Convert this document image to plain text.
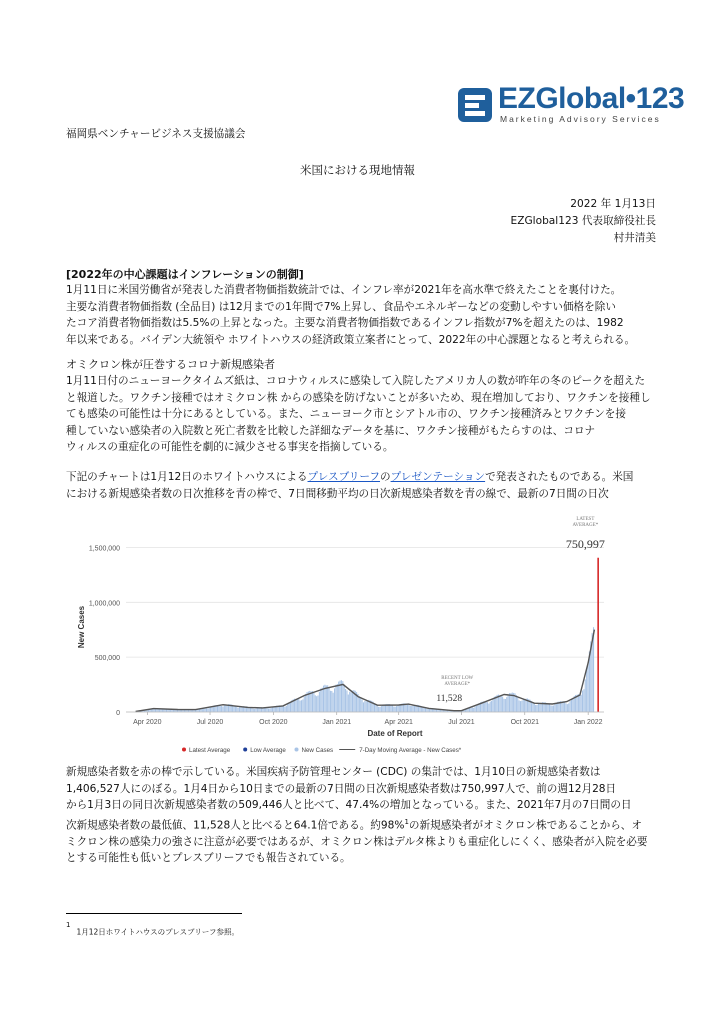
EZGlobal•123
Marketing Advisory Services
福岡県ベンチャービジネス支援協議会
米国における現地情報
2022 年 1月13日
EZGlobal123 代表取締役社長
村井清美
[2022年の中心課題はインフレーションの制御]
1月11日に米国労働省が発表した消費者物価指数統計では、インフレ率が2021年を高水準で終えたことを裏付けた。
主要な消費者物価指数 (全品目) は12月までの1年間で7%上昇し、食品やエネルギーなどの変動しやすい価格を除い
たコア消費者物価指数は5.5%の上昇となった。主要な消費者物価指数であるインフレ指数が7%を超えたのは、1982
年以来である。バイデン大統領や ホワイトハウスの経済政策立案者にとって、2022年の中心課題となると考えられる。
オミクロン株が圧巻するコロナ新規感染者
1月11日付のニューヨークタイムズ紙は、コロナウィルスに感染して入院したアメリカ人の数が昨年の冬のピークを超えた
と報道した。ワクチン接種ではオミクロン株 からの感染を防げないことが多いため、現在増加しており、ワクチンを接種し
ても感染の可能性は十分にあるとしている。また、ニューヨーク市とシアトル市の、ワクチン接種済みとワクチンを接
種していない感染者の入院数と死亡者数を比較した詳細なデータを基に、ワクチン接種がもたらすのは、コロナ
ウィルスの重症化の可能性を劇的に減少させる事実を指摘している。
下記のチャートは1月12日のホワイトハウスによるプレスブリーフのプレゼンテーションで発表されたものである。米国
における新規感染者数の日次推移を青の棒で、7日間移動平均の日次新規感染者数を青の線で、最新の7日間の日次
0
500,000
1,000,000
1,500,000
Apr 2020	Jul 2020	Oct 2020	Jan 2021	Apr 2021	Jul 2021	Oct 2021	Jan 2022
LATEST
AVERAGE*
750,997
RECENT LOW
AVERAGE*
11,528
New Cases
Date of Report
Latest Average	Low Average	New Cases	7-Day Moving Average - New Cases*
新規感染者数を赤の棒で示している。米国疾病予防管理センター (CDC) の集計では、1月10日の新規感染者数は
1,406,527人にのぼる。1月4日から10日までの最新の7日間の日次新規感染者数は750,997人で、前の週12月28日
から1月3日の同日次新規感染者数の509,446人と比べて、47.4%の増加となっている。また、2021年7月の7日間の日
次新規感染者数の最低値、11,528人と比べると64.1倍である。約98%$^1$の新規感染者がオミクロン株であることから、オ
ミクロン株の感染力の強さに注意が必要ではあるが、オミクロン株はデルタ株よりも重症化しにくく、感染者が入院を必要
とする可能性も低いとプレスブリーフでも報告されている。
$^1$1月12日ホワイトハウスのプレスブリーフ参照。
